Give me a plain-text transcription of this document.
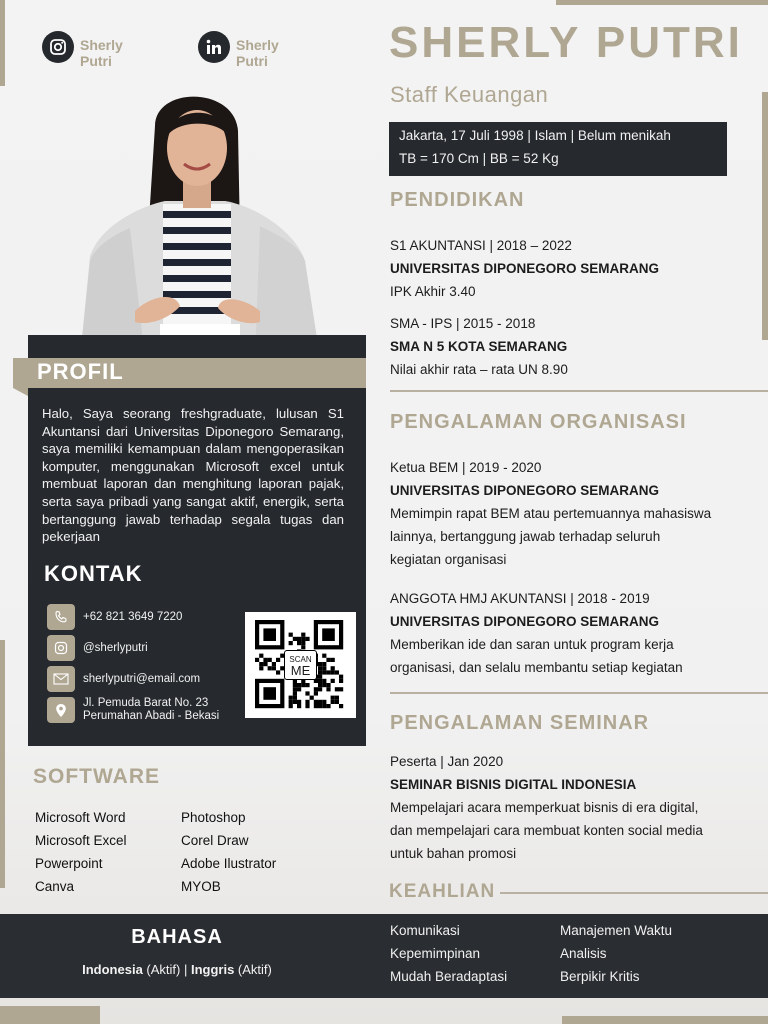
Sherly Putri
Sherly Putri	SHERLY PUTRI
Staff Keuangan
Jakarta, 17 Juli 1998 | Islam | Belum menikah
TB = 170 Cm | BB = 52 Kg
PENDIDIKAN

S1 AKUNTANSI | 2018 – 2022

UNIVERSITAS DIPONEGORO SEMARANG

IPK Akhir 3.40

SMA - IPS | 2015 - 2018

SMA N 5 KOTA SEMARANG

Nilai akhir rata – rata UN 8.90

PENGALAMAN ORGANISASI

Ketua BEM | 2019 - 2020

UNIVERSITAS DIPONEGORO SEMARANG

Memimpin rapat BEM atau pertemuannya mahasiswa

lainnya, bertanggung jawab terhadap seluruh

kegiatan organisasi

ANGGOTA HMJ AKUNTANSI | 2018 - 2019

UNIVERSITAS DIPONEGORO SEMARANG

Memberikan ide dan saran untuk program kerja

organisasi, dan selalu membantu setiap kegiatan

PENGALAMAN SEMINAR

Peserta | Jan 2020

SEMINAR BISNIS DIGITAL INDONESIA

Mempelajari acara memperkuat bisnis di era digital,

dan mempelajari cara membuat konten social media

untuk bahan promosi

KEAHLIAN

Komunikasi

Kepemimpinan

Mudah Beradaptasi

Manajemen Waktu

Analisis

Berpikir Kritis

PROFIL
Halo, Saya seorang freshgraduate, lulusan S1 Akuntansi dari Universitas Diponegoro Semarang, saya memiliki kemampuan dalam mengoperasikan komputer, menggunakan Microsoft excel untuk membuat laporan dan menghitung laporan pajak, serta saya pribadi yang sangat aktif, energik, serta bertanggung jawab terhadap segala tugas dan pekerjaan
KONTAK
+62 821 3649 7220
@sherlyputri
sherlyputri@email.com
Jl. Pemuda Barat No. 23
Perumahan Abadi - Bekasi
SCAN
ME
SOFTWARE

Microsoft Word

Microsoft Excel

Powerpoint

Canva

Photoshop

Corel Draw

Adobe Ilustrator

MYOB

BAHASA
Indonesia (Aktif) | Inggris (Aktif)
